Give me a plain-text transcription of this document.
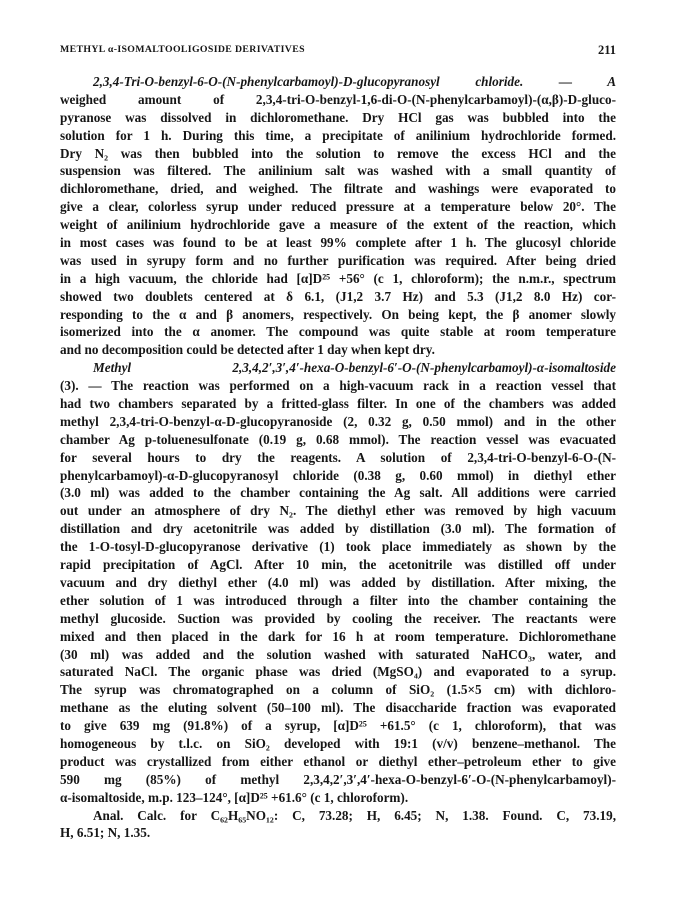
METHYL α-ISOMALTOOLIGOSIDE DERIVATIVES	211
2,3,4-Tri-O-benzyl-6-O-(N-phenylcarbamoyl)-D-glucopyranosyl chloride. — A
weighed amount of 2,3,4-tri-O-benzyl-1,6-di-O-(N-phenylcarbamoyl)-(α,β)-D-gluco-
pyranose was dissolved in dichloromethane. Dry HCl gas was bubbled into the
solution for 1 h. During this time, a precipitate of anilinium hydrochloride formed.
Dry N₂ was then bubbled into the solution to remove the excess HCl and the
suspension was filtered. The anilinium salt was washed with a small quantity of
dichloromethane, dried, and weighed. The filtrate and washings were evaporated to
give a clear, colorless syrup under reduced pressure at a temperature below 20°. The
weight of anilinium hydrochloride gave a measure of the extent of the reaction, which
in most cases was found to be at least 99% complete after 1 h. The glucosyl chloride
was used in syrupy form and no further purification was required. After being dried
in a high vacuum, the chloride had [α]D²⁵ +56° (c 1, chloroform); the n.m.r., spectrum
showed two doublets centered at δ 6.1, (J1,2 3.7 Hz) and 5.3 (J1,2 8.0 Hz) cor-
responding to the α and β anomers, respectively. On being kept, the β anomer slowly
isomerized into the α anomer. The compound was quite stable at room temperature
and no decomposition could be detected after 1 day when kept dry.
Methyl 2,3,4,2′,3′,4′-hexa-O-benzyl-6′-O-(N-phenylcarbamoyl)-α-isomaltoside
(3). — The reaction was performed on a high-vacuum rack in a reaction vessel that
had two chambers separated by a fritted-glass filter. In one of the chambers was added
methyl 2,3,4-tri-O-benzyl-α-D-glucopyranoside (2, 0.32 g, 0.50 mmol) and in the other
chamber Ag p-toluenesulfonate (0.19 g, 0.68 mmol). The reaction vessel was evacuated
for several hours to dry the reagents. A solution of 2,3,4-tri-O-benzyl-6-O-(N-
phenylcarbamoyl)-α-D-glucopyranosyl chloride (0.38 g, 0.60 mmol) in diethyl ether
(3.0 ml) was added to the chamber containing the Ag salt. All additions were carried
out under an atmosphere of dry N₂. The diethyl ether was removed by high vacuum
distillation and dry acetonitrile was added by distillation (3.0 ml). The formation of
the 1-O-tosyl-D-glucopyranose derivative (1) took place immediately as shown by the
rapid precipitation of AgCl. After 10 min, the acetonitrile was distilled off under
vacuum and dry diethyl ether (4.0 ml) was added by distillation. After mixing, the
ether solution of 1 was introduced through a filter into the chamber containing the
methyl glucoside. Suction was provided by cooling the receiver. The reactants were
mixed and then placed in the dark for 16 h at room temperature. Dichloromethane
(30 ml) was added and the solution washed with saturated NaHCO₃, water, and
saturated NaCl. The organic phase was dried (MgSO₄) and evaporated to a syrup.
The syrup was chromatographed on a column of SiO₂ (1.5×5 cm) with dichloro-
methane as the eluting solvent (50–100 ml). The disaccharide fraction was evaporated
to give 639 mg (91.8%) of a syrup, [α]D²⁵ +61.5° (c 1, chloroform), that was
homogeneous by t.l.c. on SiO₂ developed with 19:1 (v/v) benzene–methanol. The
product was crystallized from either ethanol or diethyl ether–petroleum ether to give
590 mg (85%) of methyl 2,3,4,2′,3′,4′-hexa-O-benzyl-6′-O-(N-phenylcarbamoyl)-
α-isomaltoside, m.p. 123–124°, [α]D²⁵ +61.6° (c 1, chloroform).
Anal. Calc. for C₆₂H₆₅NO₁₂: C, 73.28; H, 6.45; N, 1.38. Found. C, 73.19,
H, 6.51; N, 1.35.
